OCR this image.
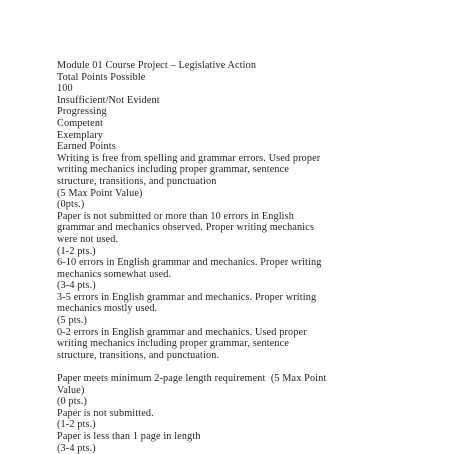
Module 01 Course Project – Legislative Action
Total Points Possible
100
Insufficient/Not Evident
Progressing
Competent
Exemplary
Earned Points
Writing is free from spelling and grammar errors. Used proper
writing mechanics including proper grammar, sentence
structure, transitions, and punctuation
(5 Max Point Value)
(0pts.)
Paper is not submitted or more than 10 errors in English
grammar and mechanics observed. Proper writing mechanics
were not used.
(1-2 pts.)
6-10 errors in English grammar and mechanics. Proper writing
mechanics somewhat used.
(3-4 pts.)
3-5 errors in English grammar and mechanics. Proper writing
mechanics mostly used.
(5 pts.)
0-2 errors in English grammar and mechanics. Used proper
writing mechanics including proper grammar, sentence
structure, transitions, and punctuation.
Paper meets minimum 2-page length requirement  (5 Max Point
Value)
(0 pts.)
Paper is not submitted.
(1-2 pts.)
Paper is less than 1 page in length
(3-4 pts.)
